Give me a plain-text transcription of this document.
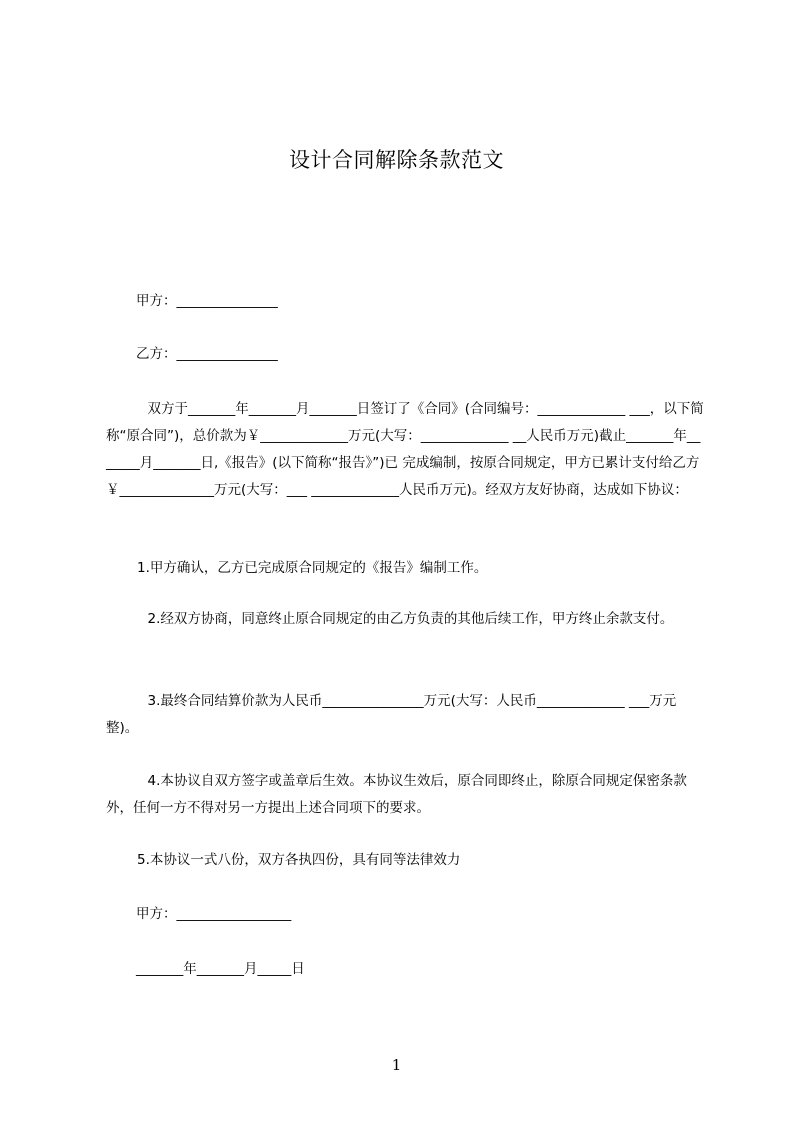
设计合同解除条款范文
甲方：_______________
乙方：_______________
　双方于_______年_______月_______日签订了《合同》(合同编号：_____________ ___，以下简称“原合同”)，总价款为￥_____________万元(大写：_____________ __人民币万元)截止_______年_______月_______日,《报告》(以下简称“报告》”)已 完成编制，按原合同规定，甲方已累计支付给乙方￥______________万元(大写：___ _____________人民币万元)。经双方友好协商，达成如下协议：
1.甲方确认，乙方已完成原合同规定的《报告》编制工作。
　2.经双方协商，同意终止原合同规定的由乙方负责的其他后续工作，甲方终止余款支付。
　3.最终合同结算价款为人民币_______________万元(大写：人民币_____________ ___万元整)。
　4.本协议自双方签字或盖章后生效。本协议生效后，原合同即终止，除原合同规定保密条款外，任何一方不得对另一方提出上述合同项下的要求。
5.本协议一式八份，双方各执四份，具有同等法律效力
甲方：_________________
_______年_______月_____日
1
